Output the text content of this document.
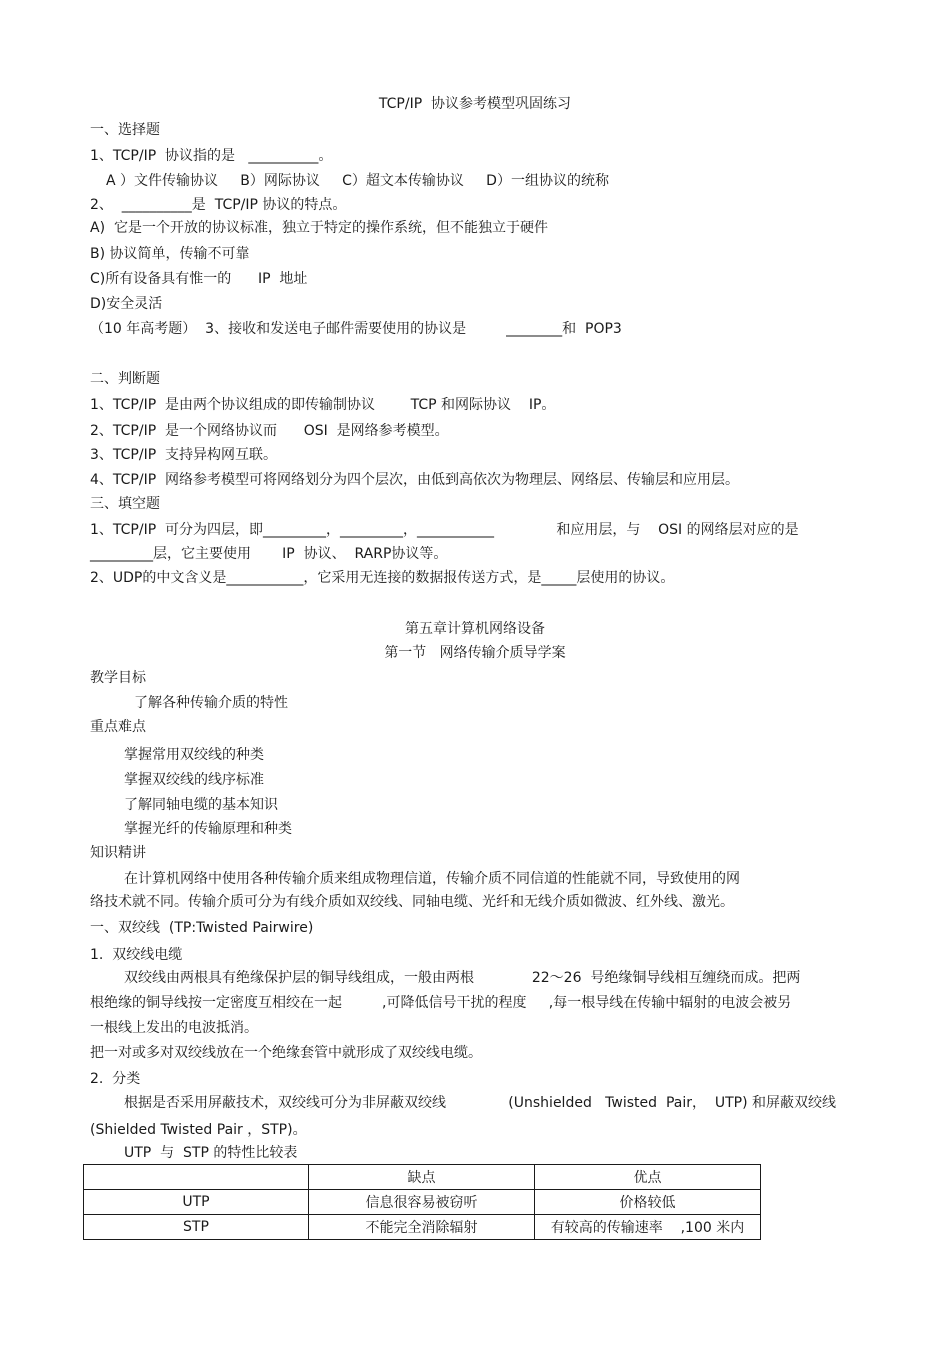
TCP/IP  协议参考模型巩固练习
一、选择题
1、TCP/IP  协议指的是   __________。
A ）文件传输协议     B）网际协议     C）超文本传输协议     D）一组协议的统称
2、  __________是  TCP/IP 协议的特点。
A)  它是一个开放的协议标准，独立于特定的操作系统，但不能独立于硬件
B) 协议简单，传输不可靠
C)所有设备具有惟一的      IP  地址
D)安全灵活
（10 年高考题）  3、接收和发送电子邮件需要使用的协议是         ________和  POP3
二、判断题
1、TCP/IP  是由两个协议组成的即传输制协议        TCP 和网际协议    IP。
2、TCP/IP  是一个网络协议而      OSI  是网络参考模型。
3、TCP/IP  支持异构网互联。
4、TCP/IP  网络参考模型可将网络划分为四个层次，由低到高依次为物理层、网络层、传输层和应用层。
三、填空题
1、TCP/IP  可分为四层，即_________，_________，___________              和应用层，与    OSI 的网络层对应的是
_________层，它主要使用       IP  协议、  RARP协议等。
2、UDP的中文含义是___________，它采用无连接的数据报传送方式，是_____层使用的协议。
第五章计算机网络设备
第一节   网络传输介质导学案
教学目标
了解各种传输介质的特性
重点难点
掌握常用双绞线的种类
掌握双绞线的线序标准
了解同轴电缆的基本知识
掌握光纤的传输原理和种类
知识精讲
在计算机网络中使用各种传输介质来组成物理信道，传输介质不同信道的性能就不同，导致使用的网
络技术就不同。传输介质可分为有线介质如双绞线、同轴电缆、光纤和无线介质如微波、红外线、激光。
一、双绞线  (TP:Twisted Pairwire)
1.  双绞线电缆
双绞线由两根具有绝缘保护层的铜导线组成，一般由两根             22～26  号绝缘铜导线相互缠绕而成。把两
根绝缘的铜导线按一定密度互相绞在一起         ,可降低信号干扰的程度     ,每一根导线在传输中辐射的电波会被另
一根线上发出的电波抵消。
把一对或多对双绞线放在一个绝缘套管中就形成了双绞线电缆。
2.  分类
根据是否采用屏蔽技术，双绞线可分为非屏蔽双绞线              (Unshielded   Twisted  Pair，  UTP) 和屏蔽双绞线
(Shielded Twisted Pair ，STP)。
UTP  与  STP 的特性比较表
	缺点	优点
UTP	信息很容易被窃听	价格较低
STP	不能完全消除辐射	有较高的传输速率    ,100 米内
